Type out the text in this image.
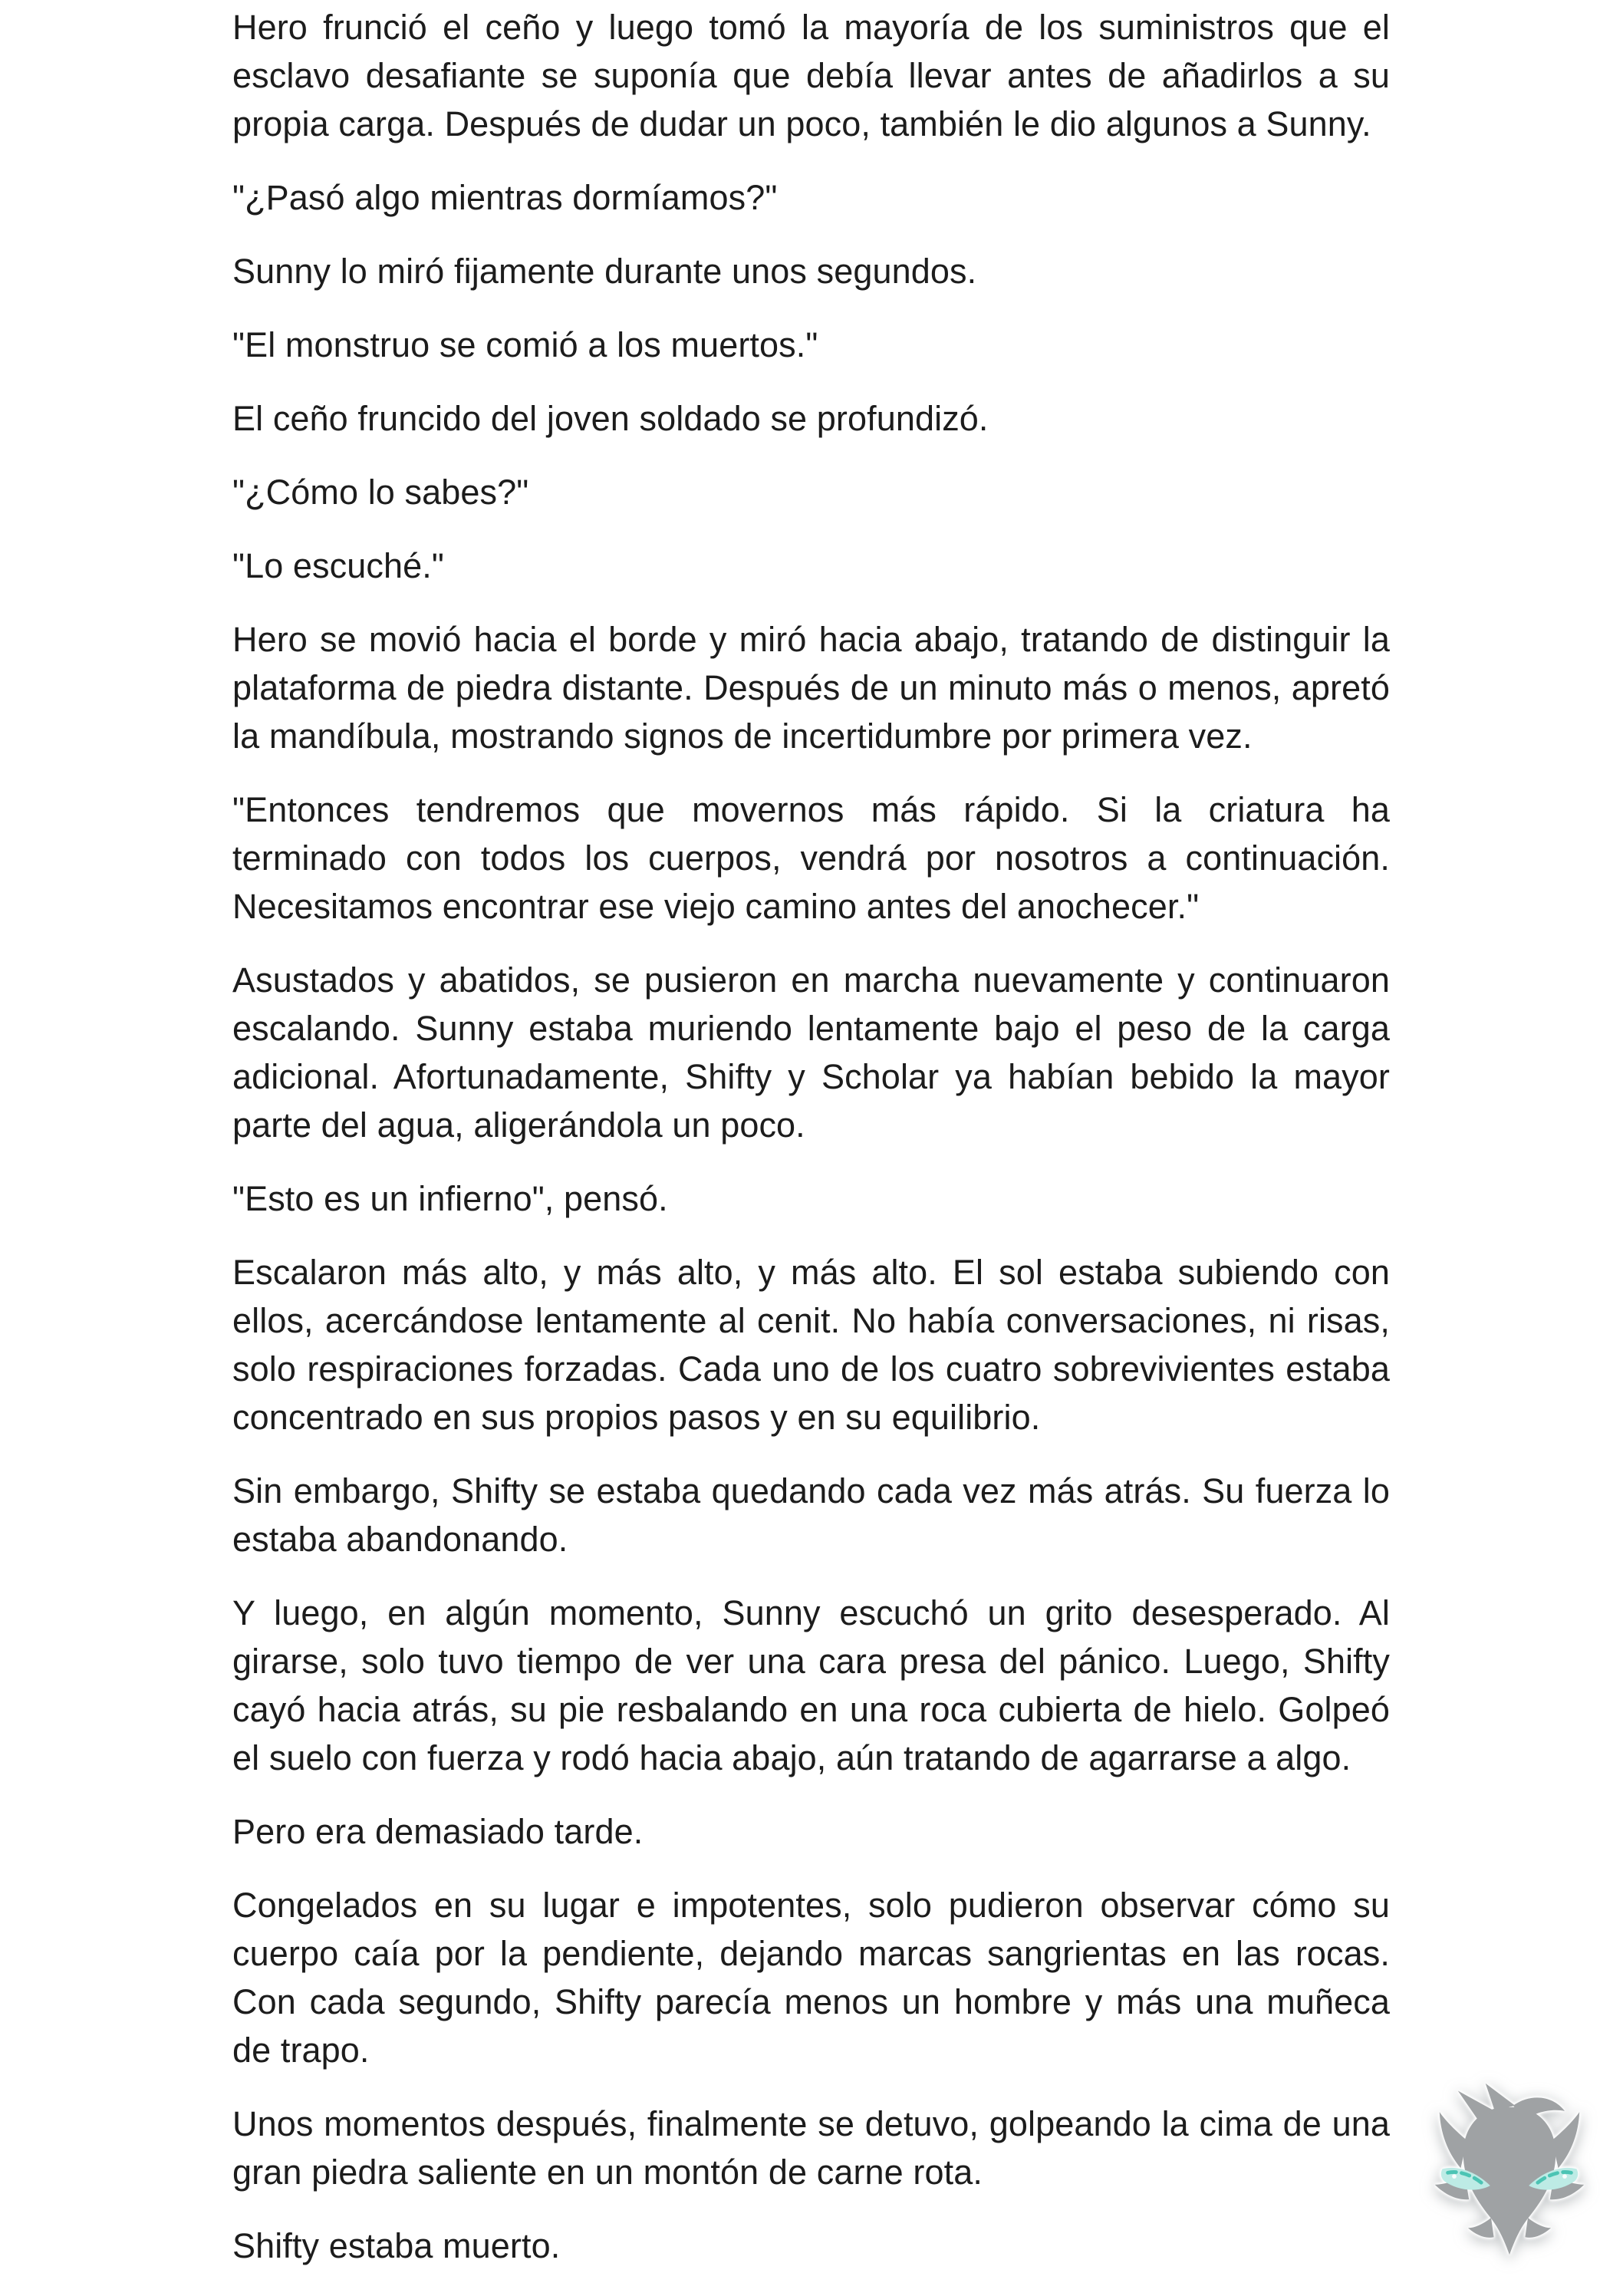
Hero frunció el ceño y luego tomó la mayoría de los suministros que el esclavo desafiante se suponía que debía llevar antes de añadirlos a su propia carga. Después de dudar un poco, también le dio algunos a Sunny.

"¿Pasó algo mientras dormíamos?"

Sunny lo miró fijamente durante unos segundos.

"El monstruo se comió a los muertos."

El ceño fruncido del joven soldado se profundizó.

"¿Cómo lo sabes?"

"Lo escuché."

Hero se movió hacia el borde y miró hacia abajo, tratando de distinguir la plataforma de piedra distante. Después de un minuto más o menos, apretó la mandíbula, mostrando signos de incertidumbre por primera vez.

"Entonces tendremos que movernos más rápido. Si la criatura ha terminado con todos los cuerpos, vendrá por nosotros a continuación. Necesitamos encontrar ese viejo camino antes del anochecer."

Asustados y abatidos, se pusieron en marcha nuevamente y continuaron escalando. Sunny estaba muriendo lentamente bajo el peso de la carga adicional. Afortunadamente, Shifty y Scholar ya habían bebido la mayor parte del agua, aligerándola un poco.

"Esto es un infierno", pensó.

Escalaron más alto, y más alto, y más alto. El sol estaba subiendo con ellos, acercándose lentamente al cenit. No había conversaciones, ni risas, solo respiraciones forzadas. Cada uno de los cuatro sobrevivientes estaba concentrado en sus propios pasos y en su equilibrio.

Sin embargo, Shifty se estaba quedando cada vez más atrás. Su fuerza lo estaba abandonando.

Y luego, en algún momento, Sunny escuchó un grito desesperado. Al girarse, solo tuvo tiempo de ver una cara presa del pánico. Luego, Shifty cayó hacia atrás, su pie resbalando en una roca cubierta de hielo. Golpeó el suelo con fuerza y rodó hacia abajo, aún tratando de agarrarse a algo.

Pero era demasiado tarde.

Congelados en su lugar e impotentes, solo pudieron observar cómo su cuerpo caía por la pendiente, dejando marcas sangrientas en las rocas. Con cada segundo, Shifty parecía menos un hombre y más una muñeca de trapo.

Unos momentos después, finalmente se detuvo, golpeando la cima de una gran piedra saliente en un montón de carne rota.

Shifty estaba muerto.
